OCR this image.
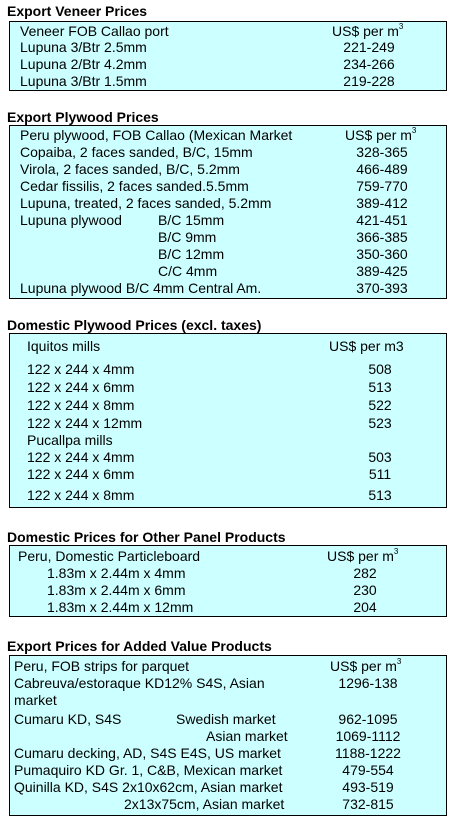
Export Veneer Prices
Veneer FOB Callao port	US$ per $m^3$
Lupuna 3/Btr 2.5mm	221-249
Lupuna 2/Btr 4.2mm	234-266
Lupuna 3/Btr 1.5mm	219-228
Export Plywood Prices
Peru plywood, FOB Callao (Mexican Market	US$ per $m^3$
Copaiba, 2 faces sanded, B/C, 15mm	328-365
Virola, 2 faces sanded, B/C, 5.2mm	466-489
Cedar fissilis, 2 faces sanded.5.5mm	759-770
Lupuna, treated, 2 faces sanded, 5.2mm	389-412
Lupuna plywood	B/C 15mm	421-451
B/C 9mm	366-385
B/C 12mm	350-360
C/C 4mm	389-425
Lupuna plywood B/C 4mm Central Am.	370-393
Domestic Plywood Prices (excl. taxes)
Iquitos mills	US$ per m3
122 x 244 x 4mm	508
122 x 244 x 6mm	513
122 x 244 x 8mm	522
122 x 244 x 12mm	523
Pucallpa mills
122 x 244 x 4mm	503
122 x 244 x 6mm	511
122 x 244 x 8mm	513
Domestic Prices for Other Panel Products
Peru, Domestic Particleboard	US$ per $m^3$
1.83m x 2.44m x 4mm	282
1.83m x 2.44m x 6mm	230
1.83m x 2.44m x 12mm	204
Export Prices for Added Value Products
Peru, FOB strips for parquet	US$ per $m^3$
Cabreuva/estoraque KD12% S4S, Asian	1296-138
market
Cumaru KD, S4S	Swedish market	962-1095
Asian market	1069-1112
Cumaru decking, AD, S4S E4S, US market	1188-1222
Pumaquiro KD Gr. 1, C&B, Mexican market	479-554
Quinilla KD, S4S 2x10x62cm, Asian market	493-519
2x13x75cm, Asian market	732-815
